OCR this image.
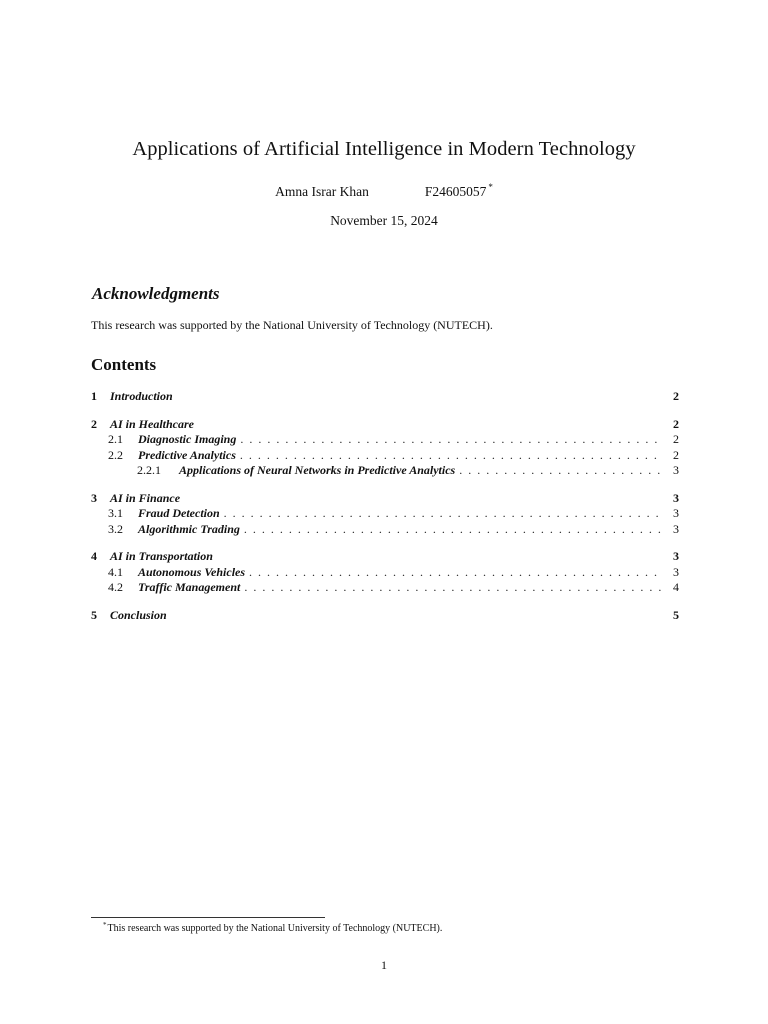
Applications of Artificial Intelligence in Modern Technology
Amna Israr Khan	F24605057 *
November 15, 2024
Acknowledgments
This research was supported by the National University of Technology (NUTECH).
Contents
1	Introduction	2
2	AI in Healthcare	2
2.1	Diagnostic Imaging . . .	2
2.2	Predictive Analytics . . .	2
2.2.1	Applications of Neural Networks in Predictive Analytics . . .	3
3	AI in Finance	3
3.1	Fraud Detection . . .	3
3.2	Algorithmic Trading . . .	3
4	AI in Transportation	3
4.1	Autonomous Vehicles . . .	3
4.2	Traffic Management . . .	4
5	Conclusion	5
*This research was supported by the National University of Technology (NUTECH).
1
